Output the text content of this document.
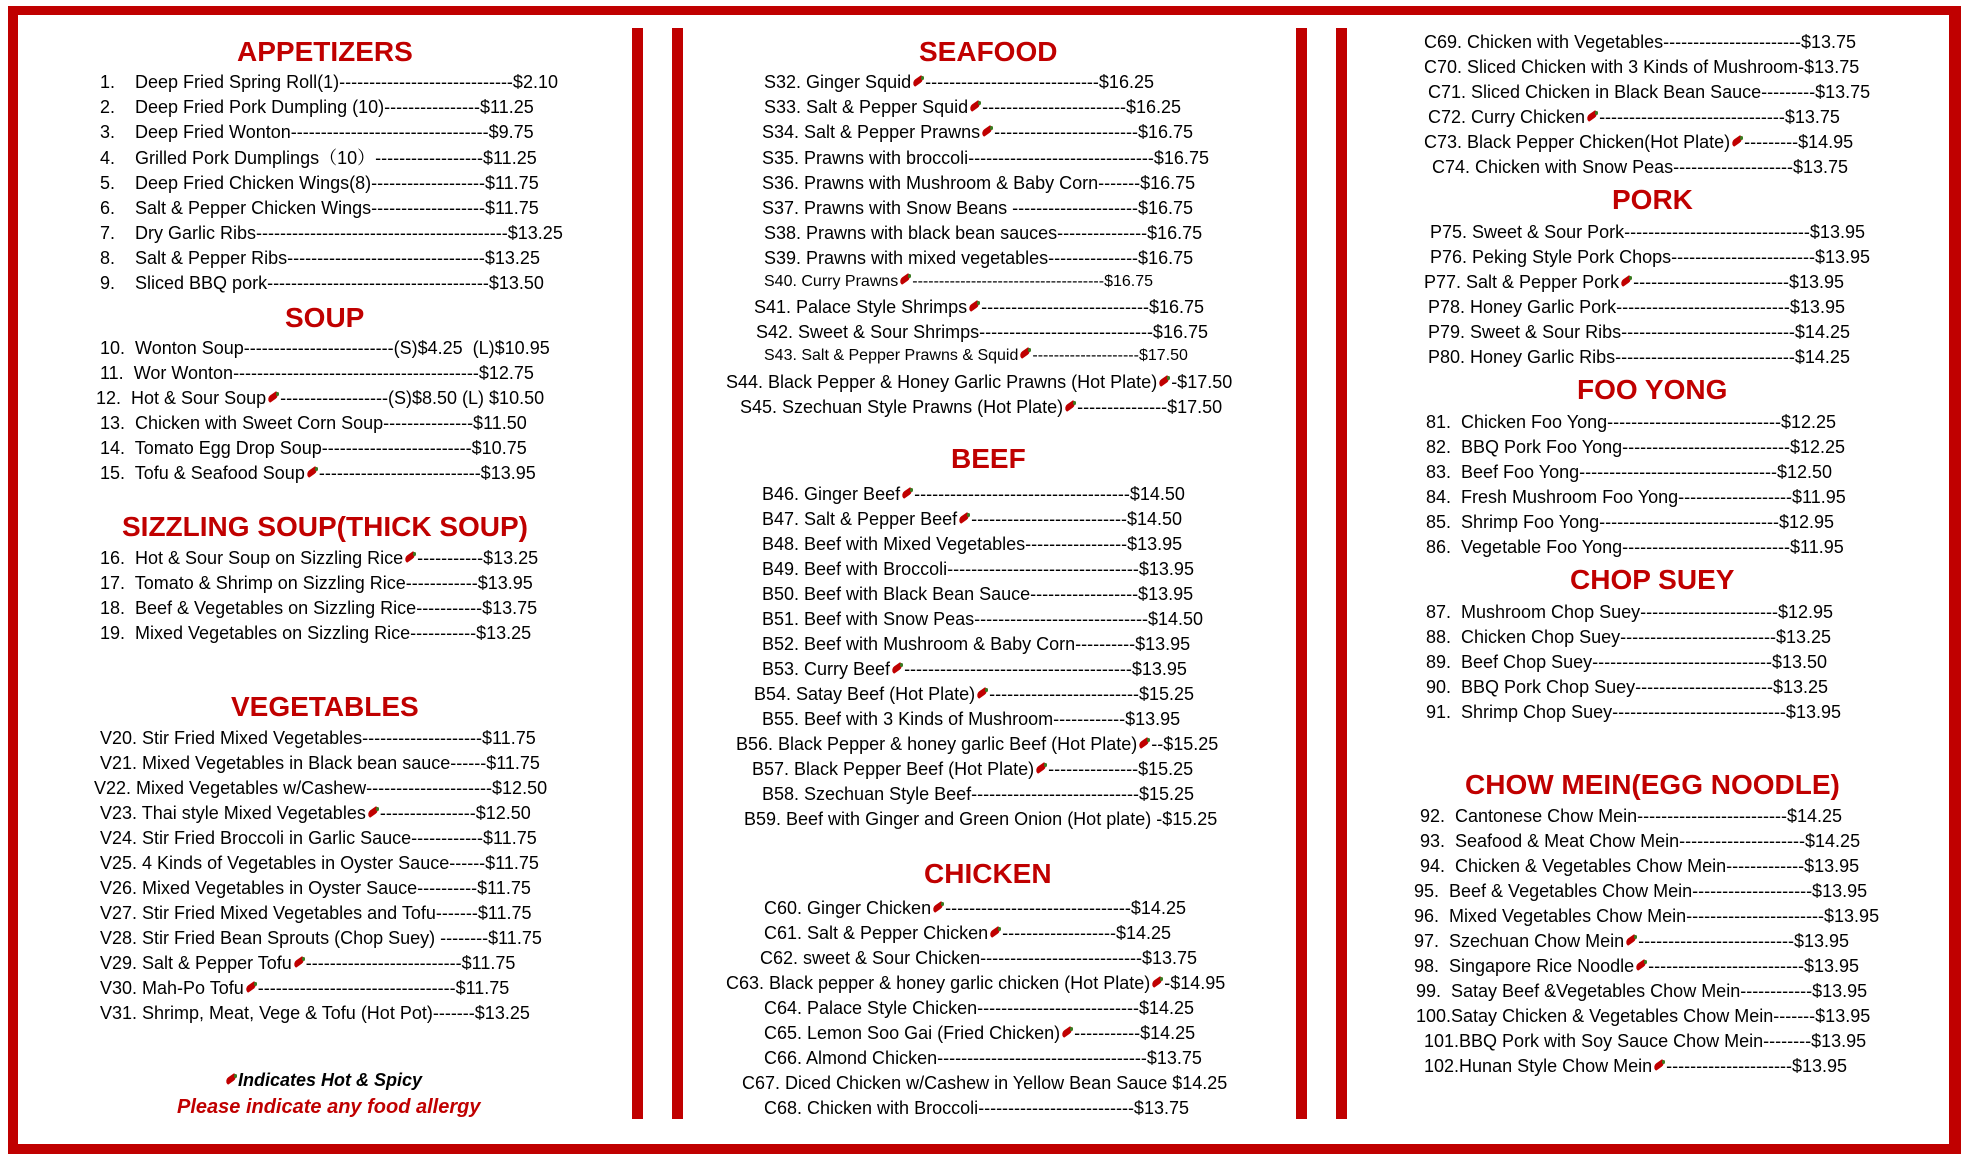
APPETIZERS
1.    Deep Fried Spring Roll(1)-----------------------------$2.10
2.    Deep Fried Pork Dumpling (10)----------------$11.25
3.    Deep Fried Wonton---------------------------------$9.75
4.    Grilled Pork Dumplings（10）------------------$11.25
5.    Deep Fried Chicken Wings(8)-------------------$11.75
6.    Salt & Pepper Chicken Wings-------------------$11.75
7.    Dry Garlic Ribs------------------------------------------$13.25
8.    Salt & Pepper Ribs---------------------------------$13.25
9.    Sliced BBQ pork-------------------------------------$13.50
SOUP
10.  Wonton Soup-------------------------(S)$4.25  (L)$10.95
11.  Wor Wonton-----------------------------------------$12.75
12.  Hot & Sour Soup ------------------(S)$8.50 (L) $10.50
13.  Chicken with Sweet Corn Soup---------------$11.50
14.  Tomato Egg Drop Soup-------------------------$10.75
15.  Tofu & Seafood Soup ---------------------------$13.95
SIZZLING SOUP(THICK SOUP)
16.  Hot & Sour Soup on Sizzling Rice -----------$13.25
17.  Tomato & Shrimp on Sizzling Rice------------$13.95
18.  Beef & Vegetables on Sizzling Rice-----------$13.75
19.  Mixed Vegetables on Sizzling Rice-----------$13.25
VEGETABLES
V20. Stir Fried Mixed Vegetables--------------------$11.75
V21. Mixed Vegetables in Black bean sauce------$11.75
V22. Mixed Vegetables w/Cashew---------------------$12.50
V23. Thai style Mixed Vegetables ----------------$12.50
V24. Stir Fried Broccoli in Garlic Sauce------------$11.75
V25. 4 Kinds of Vegetables in Oyster Sauce------$11.75
V26. Mixed Vegetables in Oyster Sauce----------$11.75
V27. Stir Fried Mixed Vegetables and Tofu-------$11.75
V28. Stir Fried Bean Sprouts (Chop Suey) --------$11.75
V29. Salt & Pepper Tofu --------------------------$11.75
V30. Mah-Po Tofu ---------------------------------$11.75
V31. Shrimp, Meat, Vege & Tofu (Hot Pot)-------$13.25
SEAFOOD
S32. Ginger Squid -----------------------------$16.25
S33. Salt & Pepper Squid ------------------------$16.25
S34. Salt & Pepper Prawns ------------------------$16.75
S35. Prawns with broccoli-------------------------------$16.75
S36. Prawns with Mushroom & Baby Corn-------$16.75
S37. Prawns with Snow Beans ---------------------$16.75
S38. Prawns with black bean sauces---------------$16.75
S39. Prawns with mixed vegetables---------------$16.75
S40. Curry Prawns ------------------------------------$16.75
S41. Palace Style Shrimps ----------------------------$16.75
S42. Sweet & Sour Shrimps-----------------------------$16.75
S43. Salt & Pepper Prawns & Squid --------------------$17.50
S44. Black Pepper & Honey Garlic Prawns (Hot Plate) -$17.50
S45. Szechuan Style Prawns (Hot Plate) ---------------$17.50
BEEF
B46. Ginger Beef ------------------------------------$14.50
B47. Salt & Pepper Beef --------------------------$14.50
B48. Beef with Mixed Vegetables-----------------$13.95
B49. Beef with Broccoli--------------------------------$13.95
B50. Beef with Black Bean Sauce------------------$13.95
B51. Beef with Snow Peas-----------------------------$14.50
B52. Beef with Mushroom & Baby Corn----------$13.95
B53. Curry Beef --------------------------------------$13.95
B54. Satay Beef (Hot Plate) -------------------------$15.25
B55. Beef with 3 Kinds of Mushroom------------$13.95
B56. Black Pepper & honey garlic Beef (Hot Plate) --$15.25
B57. Black Pepper Beef (Hot Plate) ---------------$15.25
B58. Szechuan Style Beef----------------------------$15.25
B59. Beef with Ginger and Green Onion (Hot plate) -$15.25
CHICKEN
C60. Ginger Chicken -------------------------------$14.25
C61. Salt & Pepper Chicken -------------------$14.25
C62. sweet & Sour Chicken---------------------------$13.75
C63. Black pepper & honey garlic chicken (Hot Plate) -$14.95
C64. Palace Style Chicken---------------------------$14.25
C65. Lemon Soo Gai (Fried Chicken) -----------$14.25
C66. Almond Chicken-----------------------------------$13.75
C67. Diced Chicken w/Cashew in Yellow Bean Sauce $14.25
C68. Chicken with Broccoli--------------------------$13.75
C69. Chicken with Vegetables-----------------------$13.75
C70. Sliced Chicken with 3 Kinds of Mushroom-$13.75
C71. Sliced Chicken in Black Bean Sauce---------$13.75
C72. Curry Chicken -------------------------------$13.75
C73. Black Pepper Chicken(Hot Plate) ---------$14.95
C74. Chicken with Snow Peas--------------------$13.75
PORK
P75. Sweet & Sour Pork-------------------------------$13.95
P76. Peking Style Pork Chops------------------------$13.95
P77. Salt & Pepper Pork --------------------------$13.95
P78. Honey Garlic Pork-----------------------------$13.95
P79. Sweet & Sour Ribs-----------------------------$14.25
P80. Honey Garlic Ribs------------------------------$14.25
FOO YONG
81.  Chicken Foo Yong-----------------------------$12.25
82.  BBQ Pork Foo Yong----------------------------$12.25
83.  Beef Foo Yong---------------------------------$12.50
84.  Fresh Mushroom Foo Yong-------------------$11.95
85.  Shrimp Foo Yong------------------------------$12.95
86.  Vegetable Foo Yong----------------------------$11.95
CHOP SUEY
87.  Mushroom Chop Suey-----------------------$12.95
88.  Chicken Chop Suey--------------------------$13.25
89.  Beef Chop Suey------------------------------$13.50
90.  BBQ Pork Chop Suey-----------------------$13.25
91.  Shrimp Chop Suey-----------------------------$13.95
CHOW MEIN(EGG NOODLE)
92.  Cantonese Chow Mein-------------------------$14.25
93.  Seafood & Meat Chow Mein---------------------$14.25
94.  Chicken & Vegetables Chow Mein-------------$13.95
95.  Beef & Vegetables Chow Mein--------------------$13.95
96.  Mixed Vegetables Chow Mein-----------------------$13.95
97.  Szechuan Chow Mein --------------------------$13.95
98.  Singapore Rice Noodle --------------------------$13.95
99.  Satay Beef &Vegetables Chow Mein------------$13.95
100.Satay Chicken & Vegetables Chow Mein-------$13.95
101.BBQ Pork with Soy Sauce Chow Mein--------$13.95
102.Hunan Style Chow Mein ---------------------$13.95
Indicates Hot & Spicy
Please indicate any food allergy
